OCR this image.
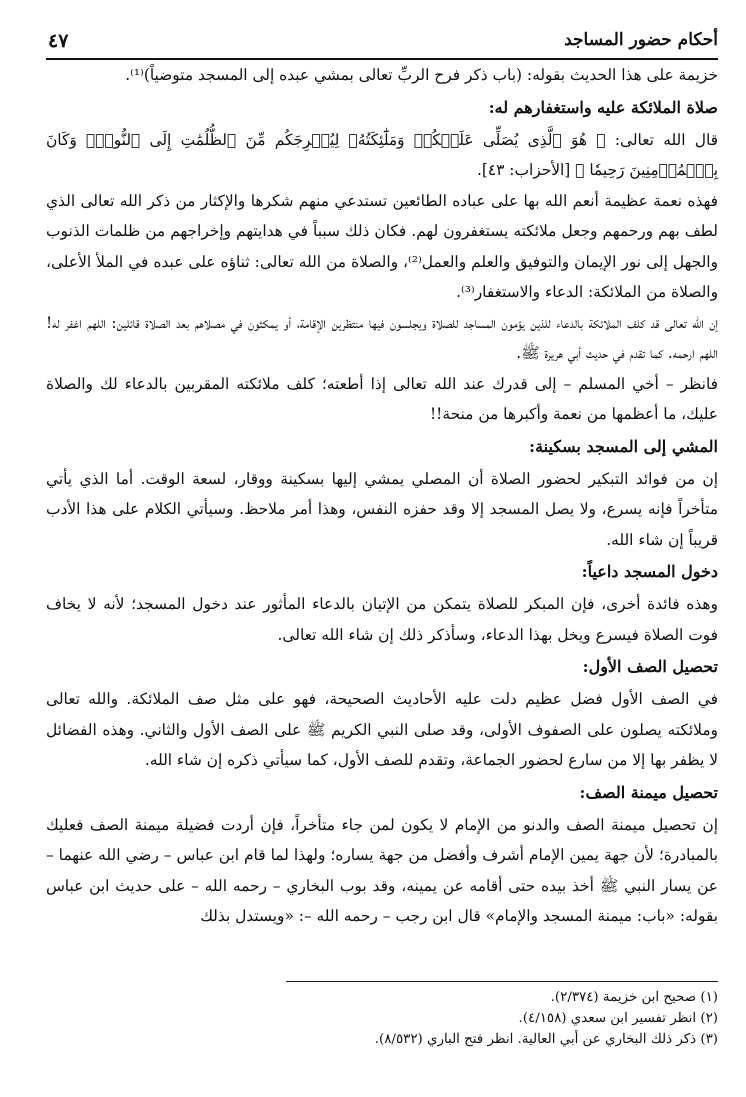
أحكام حضور المساجد
٤٧

خزيمة على هذا الحديث بقوله: (باب ذكر فرح الربِّ تعالى بمشي عبده إلى المسجد متوضياً)⁽¹⁾.

صلاة الملائكة عليه واستغفارهم له:

قال الله تعالى: ﴿ هُوَ ٱلَّذِى يُصَلِّى عَلَيۡكُمۡ وَمَلَٰٓئِكَتُهُۥ لِيُخۡرِجَكُم مِّنَ ٱلظُّلُمَٰتِ إِلَى ٱلنُّورِۚ وَكَانَ بِٱلۡمُؤۡمِنِينَ رَحِيمٗا ﴾ [الأحزاب: ٤٣].

فهذه نعمة عظيمة أنعم الله بها على عباده الطائعين تستدعي منهم شكرها والإكثار من ذكر الله تعالى الذي لطف بهم ورحمهم وجعل ملائكته يستغفرون لهم. فكان ذلك سبباً في هدايتهم وإخراجهم من ظلمات الذنوب والجهل إلى نور الإيمان والتوفيق والعلم والعمل⁽²⁾، والصلاة من الله تعالى: ثناؤه على عبده في الملأ الأعلى، والصلاة من الملائكة: الدعاء والاستغفار⁽³⁾.

إن الله تعالى قد كلف الملائكة بالدعاء للذين يؤمون المساجد للصلاة ويجلسون فيها منتظرين الإقامة، أو يمكثون في مصلاهم بعد الصلاة قائلين: اللهم اغفر له! اللهم ارحمه. كما تقدم في حديث أبي هريرة ﷺ.

فانظر – أخي المسلم – إلى قدرك عند الله تعالى إذا أطعته؛ كلف ملائكته المقربين بالدعاء لك والصلاة عليك، ما أعظمها من نعمة وأكبرها من منحة!!

المشي إلى المسجد بسكينة:

إن من فوائد التبكير لحضور الصلاة أن المصلي يمشي إليها بسكينة ووقار، لسعة الوقت. أما الذي يأتي متأخراً فإنه يسرع، ولا يصل المسجد إلا وقد حفزه النفس، وهذا أمر ملاحظ. وسيأتي الكلام على هذا الأدب قريباً إن شاء الله.

دخول المسجد داعياً:

وهذه فائدة أخرى، فإن المبكر للصلاة يتمكن من الإتيان بالدعاء المأثور عند دخول المسجد؛ لأنه لا يخاف فوت الصلاة فيسرع ويخل بهذا الدعاء، وسأذكر ذلك إن شاء الله تعالى.

تحصيل الصف الأول:

في الصف الأول فضل عظيم دلت عليه الأحاديث الصحيحة، فهو على مثل صف الملائكة. والله تعالى وملائكته يصلون على الصفوف الأولى، وقد صلى النبي الكريم ﷺ على الصف الأول والثاني. وهذه الفضائل لا يظفر بها إلا من سارع لحضور الجماعة، وتقدم للصف الأول، كما سيأتي ذكره إن شاء الله.

تحصيل ميمنة الصف:

إن تحصيل ميمنة الصف والدنو من الإمام لا يكون لمن جاء متأخراً، فإن أردت فضيلة ميمنة الصف فعليك بالمبادرة؛ لأن جهة يمين الإمام أشرف وأفضل من جهة يساره؛ ولهذا لما قام ابن عباس – رضي الله عنهما – عن يسار النبي ﷺ أخذ بيده حتى أقامه عن يمينه، وقد بوب البخاري – رحمه الله – على حديث ابن عباس بقوله: «باب: ميمنة المسجد والإمام» قال ابن رجب – رحمه الله –: «ويستدل بذلك

(١) صحيح ابن خزيمة (٢/٣٧٤).

(٢) انظر تفسير ابن سعدي (٤/١٥٨).

(٣) ذكر ذلك البخاري عن أبي العالية. انظر فتح الباري (٨/٥٣٢).
